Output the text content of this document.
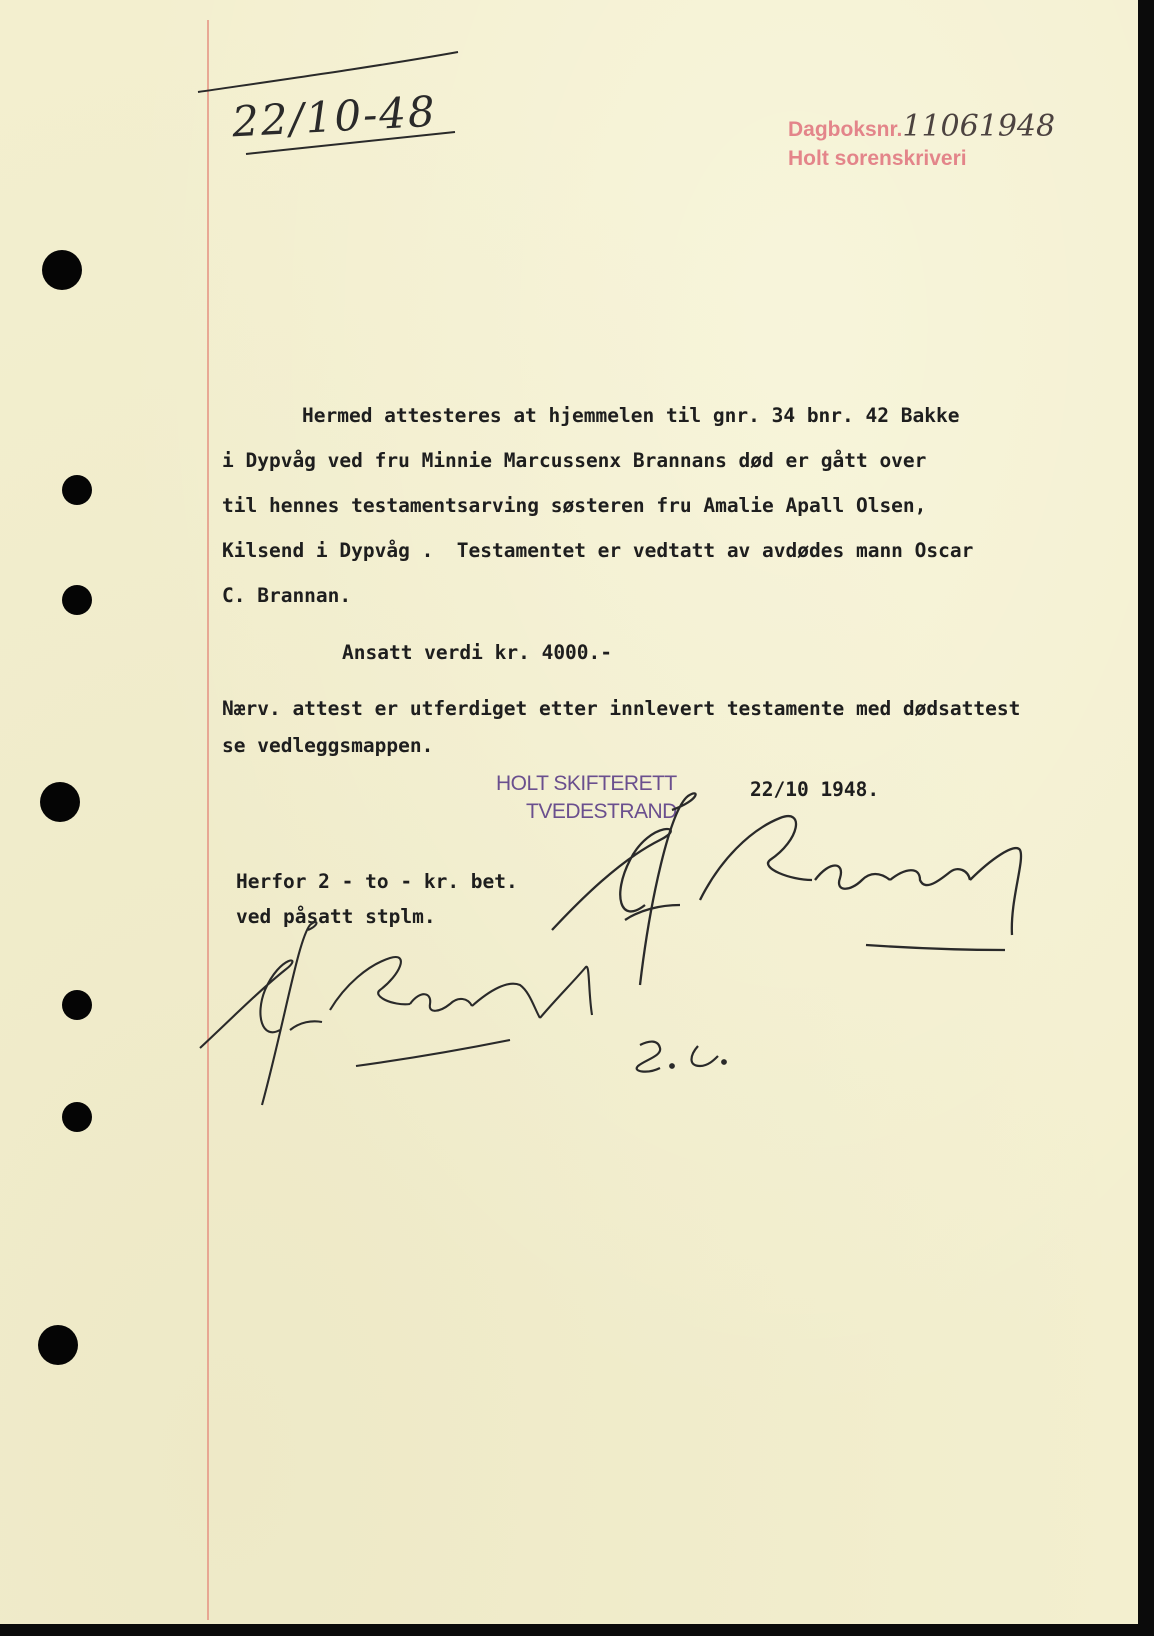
22/10-48	Dagboksnr.11061948
Holt sorenskriveri
Hermed attesteres at hjemmelen til gnr. 34 bnr. 42 Bakke
i Dypvåg ved fru Minnie Marcussenx Brannans død er gått over
til hennes testamentsarving søsteren fru Amalie Apall Olsen,
Kilsend i Dypvåg .  Testamentet er vedtatt av avdødes mann Oscar
C. Brannan.
Ansatt verdi kr. 4000.-
Nærv. attest er utferdiget etter innlevert testamente med dødsattest
se vedleggsmappen.
HOLT SKIFTERETT
TVEDESTRAND
22/10 1948.
Herfor 2 - to - kr. bet.
ved påsatt stplm.
